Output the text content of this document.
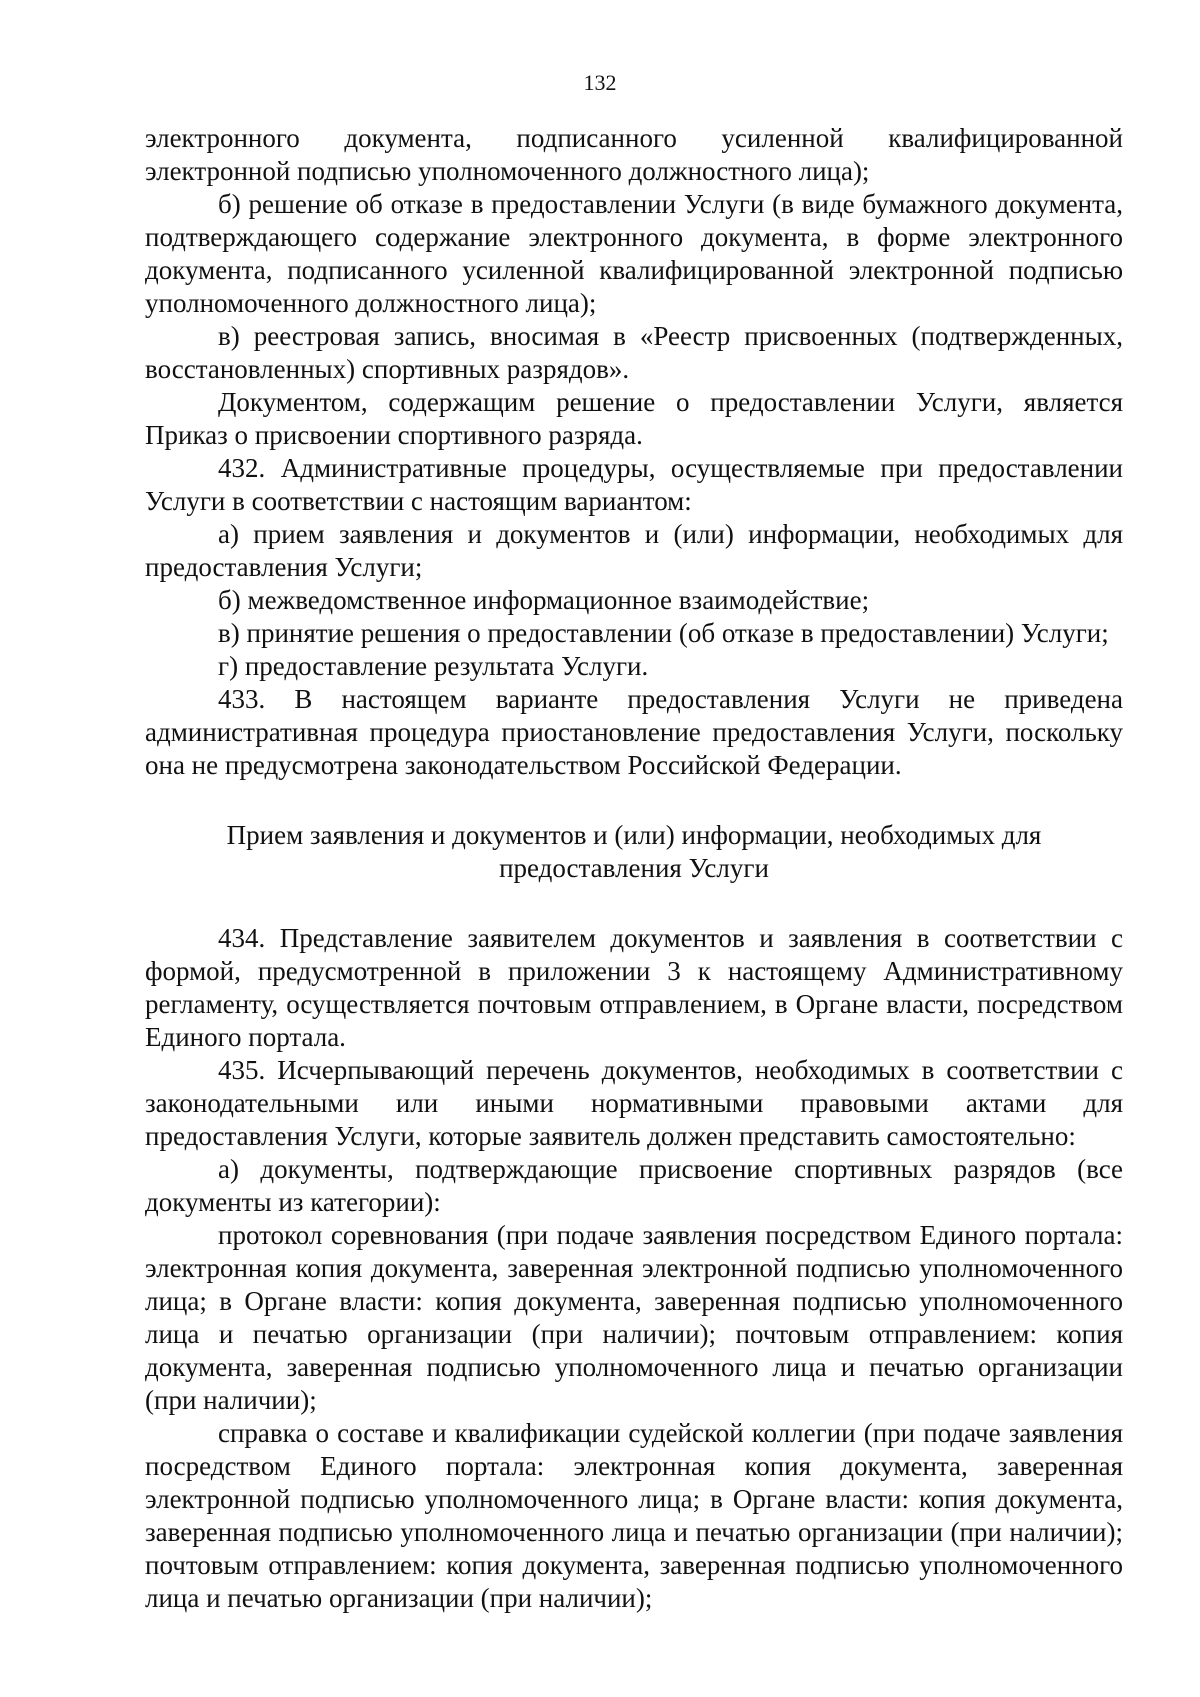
132

электронного документа, подписанного усиленной квалифицированной электронной подписью уполномоченного должностного лица);

б) решение об отказе в предоставлении Услуги (в виде бумажного документа, подтверждающего содержание электронного документа, в форме электронного документа, подписанного усиленной квалифицированной электронной подписью уполномоченного должностного лица);

в) реестровая запись, вносимая в «Реестр присвоенных (подтвержденных, восстановленных) спортивных разрядов».

Документом, содержащим решение о предоставлении Услуги, является Приказ о присвоении спортивного разряда.

432. Административные процедуры, осуществляемые при предоставлении Услуги в соответствии с настоящим вариантом:

а) прием заявления и документов и (или) информации, необходимых для предоставления Услуги;

б) межведомственное информационное взаимодействие;

в) принятие решения о предоставлении (об отказе в предоставлении) Услуги;

г) предоставление результата Услуги.

433. В настоящем варианте предоставления Услуги не приведена административная процедура приостановление предоставления Услуги, поскольку она не предусмотрена законодательством Российской Федерации.

Прием заявления и документов и (или) информации, необходимых для предоставления Услуги

434. Представление заявителем документов и заявления в соответствии с формой, предусмотренной в приложении 3 к настоящему Административному регламенту, осуществляется почтовым отправлением, в Органе власти, посредством Единого портала.

435. Исчерпывающий перечень документов, необходимых в соответствии с законодательными или иными нормативными правовыми актами для предоставления Услуги, которые заявитель должен представить самостоятельно:

а) документы, подтверждающие присвоение спортивных разрядов (все документы из категории):

протокол соревнования (при подаче заявления посредством Единого портала: электронная копия документа, заверенная электронной подписью уполномоченного лица; в Органе власти: копия документа, заверенная подписью уполномоченного лица и печатью организации (при наличии); почтовым отправлением: копия документа, заверенная подписью уполномоченного лица и печатью организации (при наличии);

справка о составе и квалификации судейской коллегии (при подаче заявления посредством Единого портала: электронная копия документа, заверенная электронной подписью уполномоченного лица; в Органе власти: копия документа, заверенная подписью уполномоченного лица и печатью организации (при наличии); почтовым отправлением: копия документа, заверенная подписью уполномоченного лица и печатью организации (при наличии);
